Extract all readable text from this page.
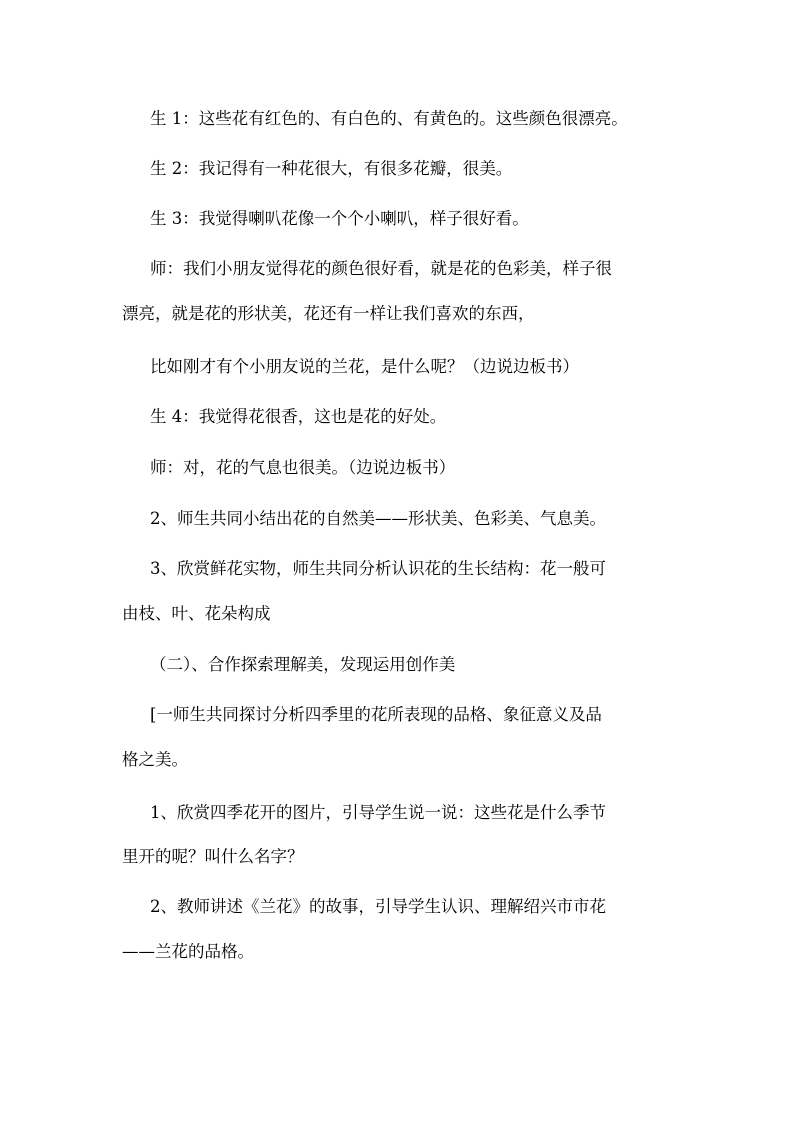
生 1：这些花有红色的、有白色的、有黄色的。这些颜色很漂亮。
生 2：我记得有一种花很大，有很多花瓣，很美。
生 3：我觉得喇叭花像一个个小喇叭，样子很好看。
师：我们小朋友觉得花的颜色很好看，就是花的色彩美，样子很
漂亮，就是花的形状美，花还有一样让我们喜欢的东西，
比如刚才有个小朋友说的兰花，是什么呢？（边说边板书）
生 4：我觉得花很香，这也是花的好处。
师：对，花的气息也很美。（边说边板书）
2、师生共同小结出花的自然美——形状美、色彩美、气息美。
3、欣赏鲜花实物，师生共同分析认识花的生长结构：花一般可
由枝、叶、花朵构成
（二）、合作探索理解美，发现运用创作美
[一师生共同探讨分析四季里的花所表现的品格、象征意义及品
格之美。
1、欣赏四季花开的图片，引导学生说一说：这些花是什么季节
里开的呢？叫什么名字？
2、教师讲述《兰花》的故事，引导学生认识、理解绍兴市市花
——兰花的品格。
